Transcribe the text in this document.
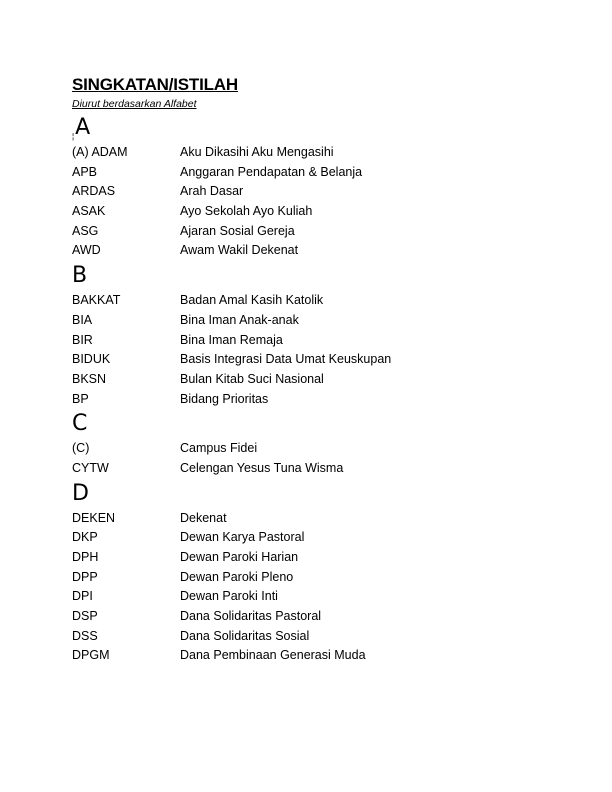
SINGKATAN/ISTILAH
Diurut berdasarkan Alfabet
¦A
(A) ADAM	Aku Dikasihi Aku Mengasihi
APB	Anggaran Pendapatan & Belanja
ARDAS	Arah Dasar
ASAK	Ayo Sekolah Ayo Kuliah
ASG	Ajaran Sosial Gereja
AWD	Awam Wakil Dekenat
B
BAKKAT	Badan Amal Kasih Katolik
BIA	Bina Iman Anak-anak
BIR	Bina Iman Remaja
BIDUK	Basis Integrasi Data Umat Keuskupan
BKSN	Bulan Kitab Suci Nasional
BP	Bidang Prioritas
C
(C)	Campus Fidei
CYTW	Celengan Yesus Tuna Wisma
D
DEKEN	Dekenat
DKP	Dewan Karya Pastoral
DPH	Dewan Paroki Harian
DPP	Dewan Paroki Pleno
DPI	Dewan Paroki Inti
DSP	Dana Solidaritas Pastoral
DSS	Dana Solidaritas Sosial
DPGM	Dana Pembinaan Generasi Muda
